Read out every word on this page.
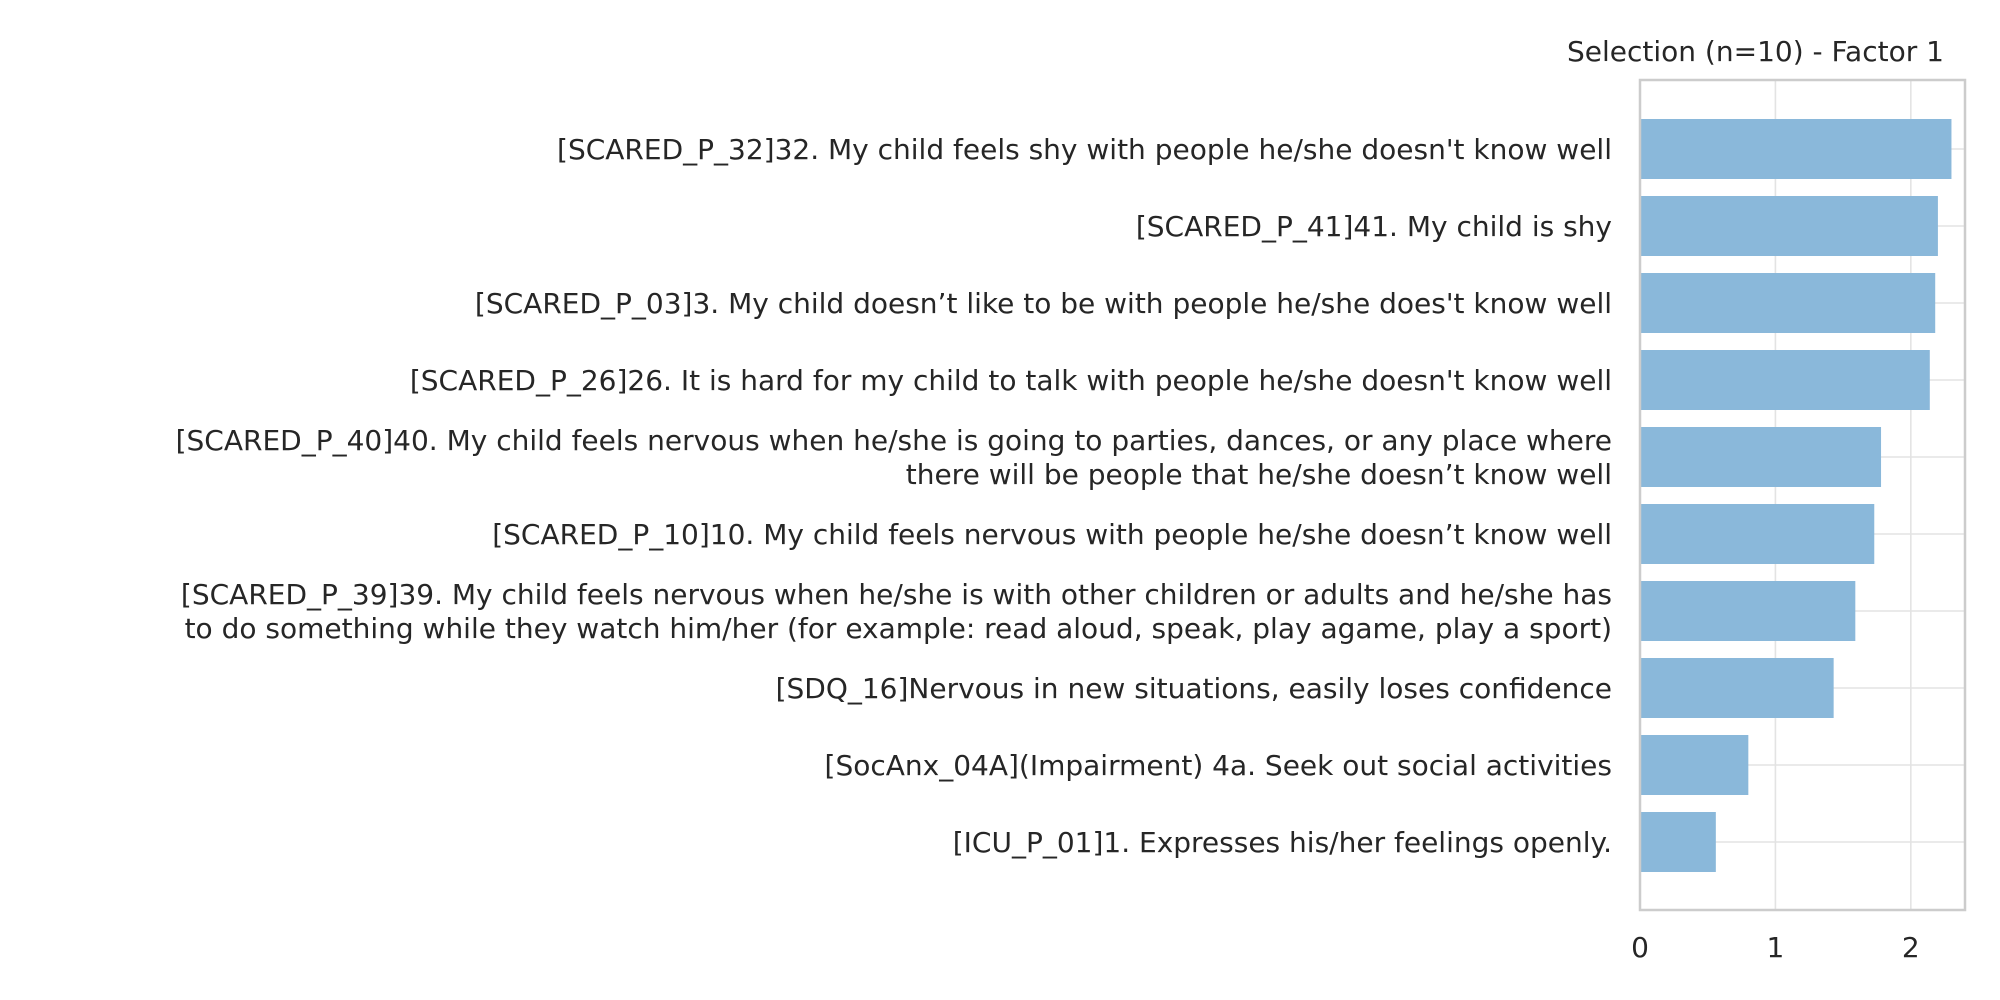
[SCARED_P_32]32. My child feels shy with people he/she doesn't know well
[SCARED_P_41]41. My child is shy
[SCARED_P_03]3. My child doesn’t like to be with people he/she does't know well
[SCARED_P_26]26. It is hard for my child to talk with people he/she doesn't know well
[SCARED_P_40]40. My child feels nervous when he/she is going to parties, dances, or any place where
there will be people that he/she doesn’t know well
[SCARED_P_10]10. My child feels nervous with people he/she doesn’t know well
[SCARED_P_39]39. My child feels nervous when he/she is with other children or adults and he/she has
to do something while they watch him/her (for example: read aloud, speak, play agame, play a sport)
[SDQ_16]Nervous in new situations, easily loses confidence
[SocAnx_04A](Impairment) 4a. Seek out social activities
[ICU_P_01]1. Expresses his/her feelings openly.
0	1	2
Selection (n=10) - Factor 1
